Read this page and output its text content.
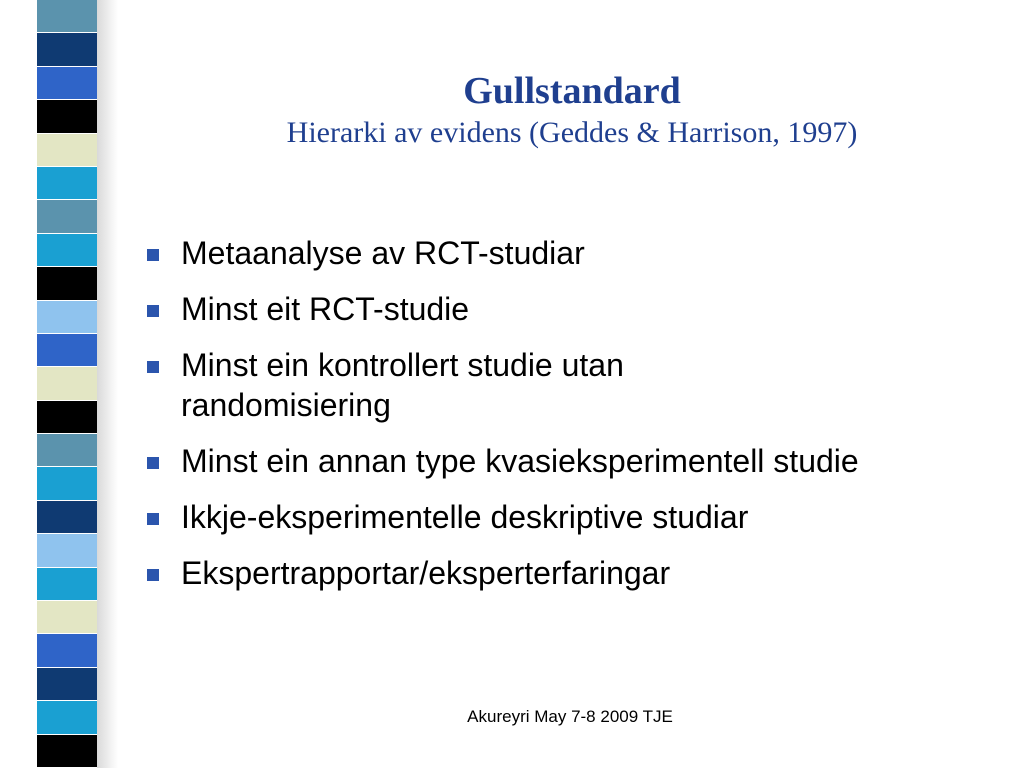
Gullstandard

Hierarki av evidens (Geddes & Harrison, 1997)

Metaanalyse av RCT-studiar
Minst eit RCT-studie
Minst ein kontrollert studie utan randomisiering
Minst ein annan type kvasieksperimentell studie
Ikkje-eksperimentelle deskriptive studiar
Ekspertrapportar/eksperterfaringar
Akureyri May 7-8 2009 TJE
